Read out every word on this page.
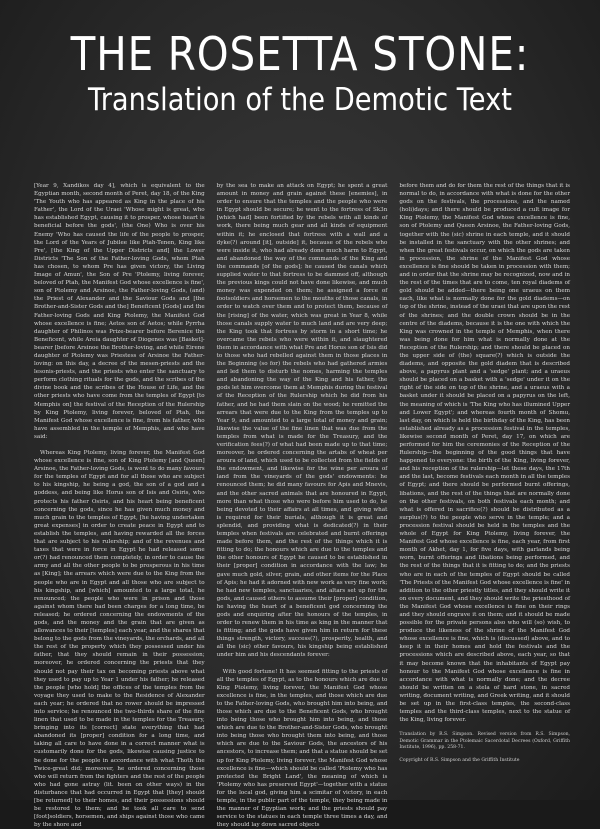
THE ROSETTA STONE:
Translation of the Demotic Text

[Year 9, Xandikos day 4], which is equivalent to the Egyptian month, second month of Peret, day 18, of the King 'The Youth who has appeared as King in the place of his Father', the Lord of the Uraei 'Whose might is great, who has established Egypt, causing it to prosper, whose heart is beneficial before the gods', (the One) Who is over his Enemy 'Who has caused the life of the people to prosper, the Lord of the Years of Jubilee like Ptah-Tenen, King like Pre', [the King of the Upper Districts and] the Lower Districts 'The Son of the Father-loving Gods, whom Ptah has chosen, to whom Pre has given victory, the Living Image of Amun', the Son of Pre 'Ptolemy, living forever, beloved of Ptah, the Manifest God whose excellence is fine', son of Ptolemy and Arsinoe, the Father-loving Gods, (and) the Priest of Alexander and the Saviour Gods and [the Brother-and-Sister Gods and the] Beneficent [Gods] and the Father-loving Gods and King Ptolemy, the Manifest God whose excellence is fine; Aetos son of Aetos; while Pyrrha daughter of Philinos was Prize-bearer before Berenice the Beneficent, while Areia daughter of Diogenes was [Basket]-bearer [before Arsinoe the Brother-loving, and while Eirene daughter of Ptolemy was Priestess of Arsinoe the Father-loving: on this day, a decree of the mesen-priests and the lesonis-priests, and the priests who enter the sanctuary to perform clothing rituals for the gods, and the scribes of the divine book and the scribes of the House of Life, and the other priests who have come from the temples of Egypt [to Memphis on] the festival of the Reception of the Rulership by King Ptolemy, living forever, beloved of Ptah, the Manifest God whose excellence is fine, from his father, who have assembled in the temple of Memphis, and who have said:

Whereas King Ptolemy, living forever, the Manifest God whose excellence is fine, son of King Ptolemy [and Queen] Arsinoe, the Father-loving Gods, is wont to do many favours for the temples of Egypt and for all those who are subject to his kingship, he being a god, the son of a god and a goddess, and being like Horus son of Isis and Osiris, who protects his father Osiris, and his heart being beneficent concerning the gods, since he has given much money and much grain to the temples of Egypt, [he having undertaken great expenses] in order to create peace in Egypt and to establish the temples, and having rewarded all the forces that are subject to his rulership; and of the revenues and taxes that were in force in Egypt he had released some or(?) had renounced them completely, in order to cause the army and all the other people to be prosperous in his time as [King]; the arrears which were due to the King from the people who are in Egypt and all those who are subject to his kingship, and [which] amounted to a large total, he renounced; the people who were in prison and those against whom there had been charges for a long time, he released; he ordered concerning the endowments of the gods, and the money and the grain that are given as allowances to their [temples] each year, and the shares that belong to the gods from the vineyards, the orchards, and all the rest of the property which they possessed under his father, that they should remain in their possession; moreover, he ordered concerning the priests that they should not pay their tax on becoming priests above what they used to pay up to Year 1 under his father; he released the people [who hold] the offices of the temples from the voyage they used to make to the Residence of Alexander each year; he ordered that no rower should be impressed into service; he renounced the two-thirds share of the fine linen that used to be made in the temples for the Treasury, bringing into its [correct] state everything that had abandoned its [proper] condition for a long time, and taking all care to have done in a correct manner what is customarily done for the gods, likewise causing justice to be done for the people in accordance with what Thoth the Twice-great did; moreover, he ordered concerning those who will return from the fighters and the rest of the people who had gone astray (lit. been on other ways) in the disturbance that had occurred in Egypt that [they] should [be returned] to their homes, and their possessions should be restored to them; and he took all care to send [foot]soldiers, horsemen, and ships against those who came by the shore and

by the sea to make an attack on Egypt; he spent a great amount in money and grain against these [enemies], in order to ensure that the temples and the people who were in Egypt should be secure; he went to the fortress of Sk3n [which had] been fortified by the rebels with all kinds of work, there being much gear and all kinds of equipment within it; he enclosed that fortress with a wall and a dyke(?) around [it], outside] it, because of the rebels who were inside it, who had already done much harm to Egypt, and abandoned the way of the commands of the King and the commands [of the gods]; he caused the canals which supplied water to that fortress to be dammed off, although the previous kings could not have done likewise, and much money was expended on them; he assigned a force of footsoldiers and horsemen to the mouths of those canals, in order to watch over them and to protect them, because of the [rising] of the water, which was great in Year 8, while those canals supply water to much land and are very deep; the King took that fortress by storm in a short time; he overcame the rebels who were within it, and slaughtered them in accordance with what Pre and Horus son of Isis did to those who had rebelled against them in those places in the Beginning (so for) the rebels who had gathered armies and led them to disturb the nomes, harming the temples and abandoning the way of the King and his father, the gods let him overcome them at Memphis during the festival of the Reception of the Rulership which he did from his father, and he had them slain on the wood; he remitted the arrears that were due to the King from the temples up to Year 9, and amounted to a large total of money and grain; likewise the value of the fine linen that was due from the temples from what is made for the Treasury, and the verification fees(?) of what had been made up to that time; moreover, he ordered concerning the artabs of wheat per aroura of land, which used to be collected from the fields of the endowment, and likewise for the wine per aroura of land from the vineyards of the gods' endowments: he renounced them; he did many favours for Apis and Mnevis, and the other sacred animals that are honoured in Egypt, more than what those who were before him used to do, he being devoted to their affairs at all times, and giving what is required for their burials, although it is great and splendid, and providing what is dedicated(?) in their temples when festivals are celebrated and burnt offerings made before them, and the rest of the things which it is fitting to do; the honours which are due to the temples and the other honours of Egypt he caused to be established in their [proper] condition in accordance with the law; he gave much gold, silver, grain, and other items for the Place of Apis; he had it adorned with new work as very fine work; he had new temples, sanctuaries, and altars set up for the gods, and caused others to assume their [proper] condition, he having the heart of a beneficent god concerning the gods and enquiring after the honours of the temples, in order to renew them in his time as king in the manner that is fitting; and the gods have given him in return for these things strength, victory, success(?), prosperity, health, and all the (sic) other favours, his kingship being established under him and his descendants forever:

With good fortune! It has seemed fitting to the priests of all the temples of Egypt, as to the honours which are due to King Ptolemy, living forever, the Manifest God whose excellence is fine, in the temples, and those which are due to the Father-loving Gods, who brought him into being, and those which are due to the Beneficent Gods, who brought into being those who brought him into being, and those which are due to the Brother-and-Sister Gods, who brought into being those who brought them into being, and those which are due to the Saviour Gods, the ancestors of his ancestors, to increase them; and that a statue should be set up for King Ptolemy, living forever, the Manifest God whose excellence is fine—which should be called 'Ptolemy who has protected the Bright Land', the meaning of which is 'Ptolemy who has preserved Egypt'—together with a statue for the local god, giving him a scimitar of victory, in each temple, in the public part of the temple, they being made in the manner of Egyptian work; and the priests should pay service to the statues in each temple three times a day, and they should lay down sacred objects

before them and do for them the rest of the things that it is normal to do, in accordance with what is done for the other gods on the festivals, the processions, and the named (holi)days; and there should be produced a cult image for King Ptolemy, the Manifest God whose excellence is fine, son of Ptolemy and Queen Arsinoe, the Father-loving Gods, together with the (sic) shrine in each temple, and it should be installed in the sanctuary with the other shrines; and when the great festivals occur, on which the gods are taken in procession, the shrine of the Manifest God whose excellence is fine should be taken in procession with them; and in order that the shrine may be recognized, now and in the rest of the times that are to come, ten royal diadems of gold should be added—there being one uraeus on them each, like what is normally done for the gold diadems—on top of the shrine, instead of the uraei that are upon the rest of the shrines; and the double crown should be in the centre of the diadems, because it is the one with which the King was crowned in the temple of Memphis, when there was being done for him what is normally done at the Reception of the Rulership; and there should be placed on the upper side of (the) square(?) which is outside the diadems, and opposite the gold diadem that is described above, a papyrus plant and a 'sedge' plant; and a uraeus should be placed on a basket with a 'sedge' under it on the right of the side on top of the shrine, and a uraeus with a basket under it should be placed on a papyrus on the left, the meaning of which is 'The King who has illumined Upper and Lower Egypt'; and whereas fourth month of Shomu, last day, on which is held the birthday of the King, has been established already as a procession festival in the temples, likewise second month of Peret, day 17, on which are performed for him the ceremonies of the Reception of the Rulership—the beginning of the good things that have happened to everyone: the birth of the King, living forever, and his reception of the rulership—let these days, the 17th and the last, become festivals each month in all the temples of Egypt; and there should be performed burnt offerings, libations, and the rest of the things that are normally done on the other festivals, on both festivals each month; and what is offered in sacrifice(?) should be distributed as a surplus(?) to the people who serve in the temple; and a procession festival should be held in the temples and the whole of Egypt for King Ptolemy, living forever, the Manifest God whose excellence is fine, each year, from first month of Akhet, day 1, for five days, with garlands being worn, burnt offerings and libations being performed, and the rest of the things that it is fitting to do; and the priests who are in each of the temples of Egypt should be called 'The Priests of the Manifest God whose excellence is fine' in addition to the other priestly titles, and they should write it on every document, and they should write the priesthood of the Manifest God whose excellence is fine on their rings and they should engrave it on them; and it should be made possible for the private persons also who will (so) wish, to produce the likeness of the shrine of the Manifest God whose excellence is fine, which is (discussed) above, and to keep it in their homes and hold the festivals and the processions which are described above, each year, so that it may become known that the inhabitants of Egypt pay honour to the Manifest God whose excellence is fine in accordance with what is normally done; and the decree should be written on a stela of hard stone, in sacred writing, document writing, and Greek writing, and it should be set up in the first-class temples, the second-class temples and the third-class temples, next to the statue of the King, living forever.

Translation by R.S. Simpson. Revised version from R.S. Simpson, Demotic Grammar in the Ptolemaic Sacerdotal Decrees (Oxford, Griffith Institute, 1996), pp. 258-71.
Copyright of R.S. Simpson and the Griffith Institute
